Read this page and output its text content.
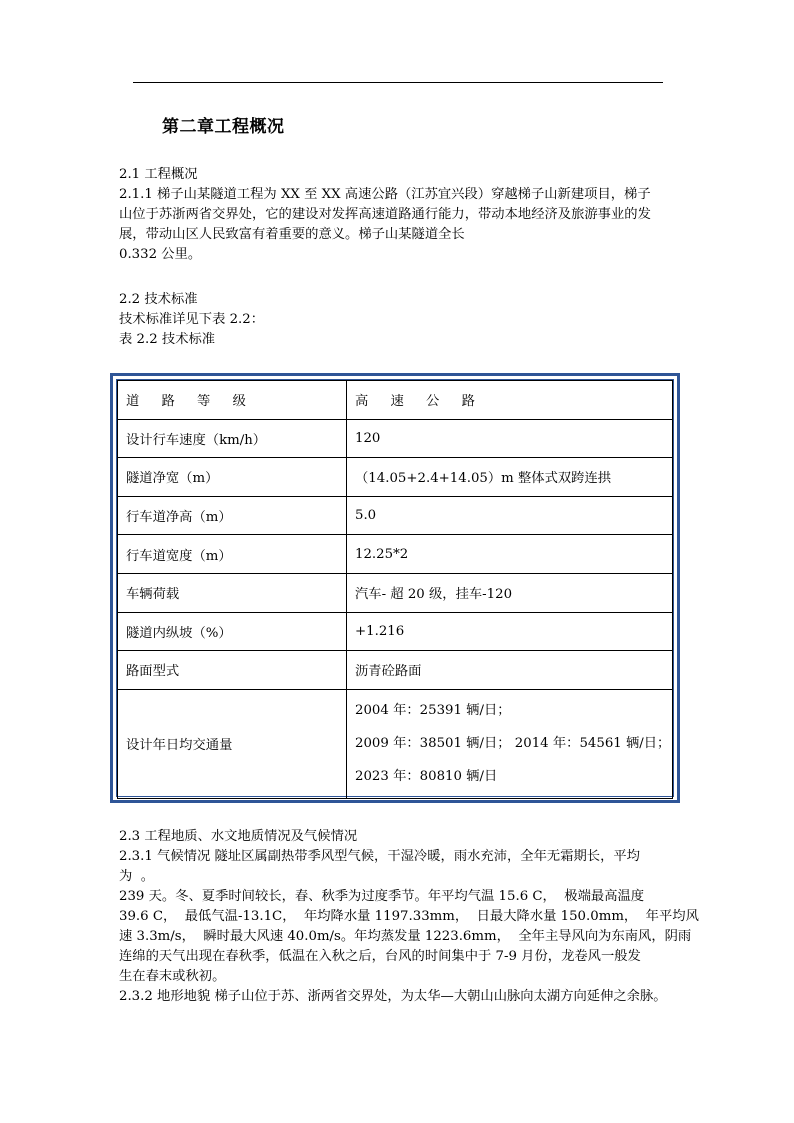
第二章工程概况

2.1 工程概况

2.1.1 梯子山某隧道工程为 XX 至 XX 高速公路（江苏宜兴段）穿越梯子山新建项目，梯子

山位于苏浙两省交界处，它的建设对发挥高速道路通行能力，带动本地经济及旅游事业的发

展，带动山区人民致富有着重要的意义。梯子山某隧道全长

0.332 公里。

2.2 技术标准

技术标准详见下表 2.2：

表 2.2 技术标准

道 路 等 级	高 速 公 路
设计行车速度（km/h）	120
隧道净宽（m）	（14.05+2.4+14.05）m 整体式双跨连拱
行车道净高（m）	5.0
行车道宽度（m）	12.25*2
车辆荷载	汽车- 超 20 级，挂车-120
隧道内纵坡（%）	+1.216
路面型式	沥青砼路面
设计年日均交通量	2004 年：25391 辆/日；
2009 年：38501 辆/日； 2014 年：54561 辆/日；
2023 年：80810 辆/日

2.3 工程地质、水文地质情况及气候情况

2.3.1 气候情况 隧址区属副热带季风型气候，干湿冷暖，雨水充沛，全年无霜期长，平均

为  。

239 天。冬、夏季时间较长，春、秋季为过度季节。年平均气温 15.6 C，  极端最高温度

39.6 C，  最低气温-13.1C，  年均降水量 1197.33mm，  日最大降水量 150.0mm，  年平均风

速 3.3m/s，  瞬时最大风速 40.0m/s。年均蒸发量 1223.6mm，  全年主导风向为东南风，阴雨

连绵的天气出现在春秋季，低温在入秋之后，台风的时间集中于 7-9 月份，龙卷风一般发

生在春末或秋初。

2.3.2 地形地貌 梯子山位于苏、浙两省交界处，为太华—大朝山山脉向太湖方向延伸之余脉。
